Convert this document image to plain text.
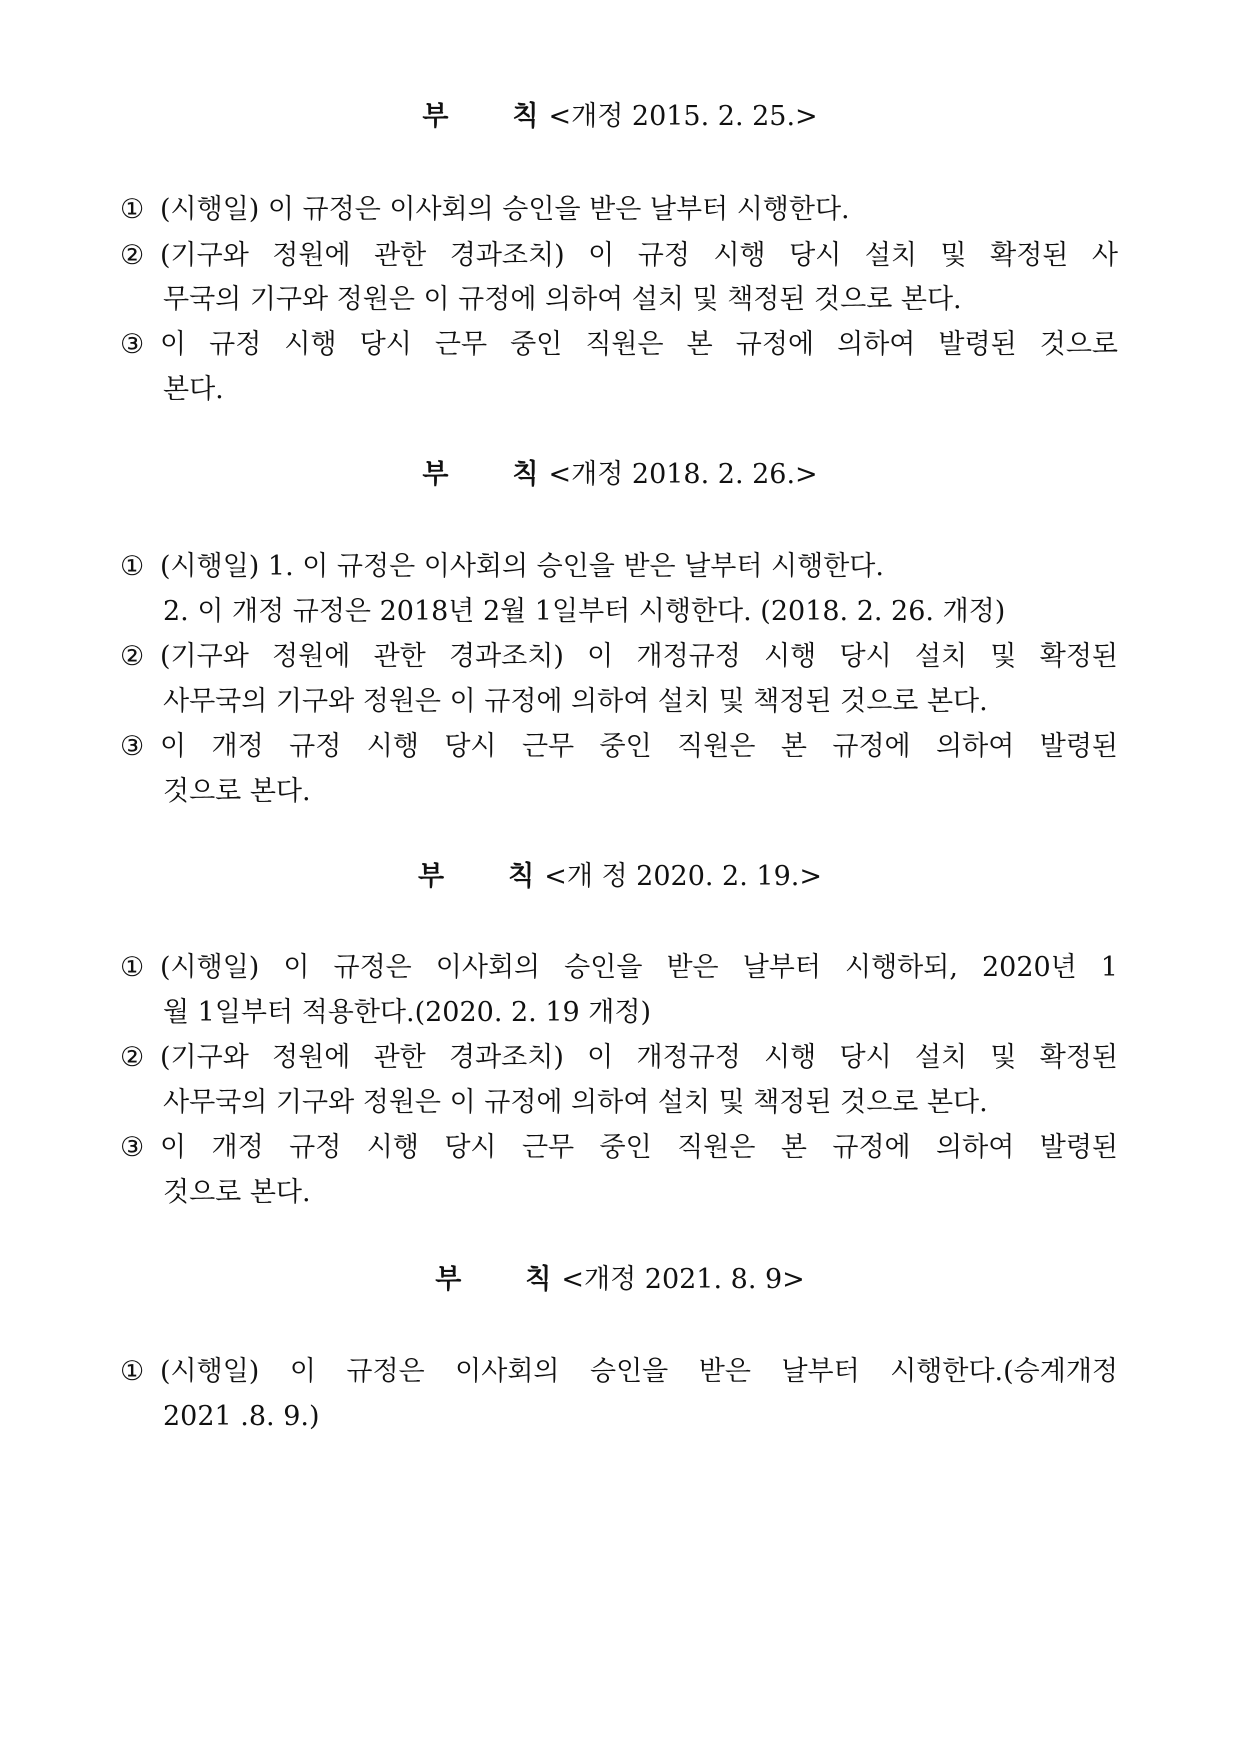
부 칙 <개정 2015. 2. 25.>
① (시행일) 이 규정은 이사회의 승인을 받은 날부터 시행한다.
② (기구와 정원에 관한 경과조치) 이 규정 시행 당시 설치 및 확정된 사
무국의 기구와 정원은 이 규정에 의하여 설치 및 책정된 것으로 본다.
③ 이 규정 시행 당시 근무 중인 직원은 본 규정에 의하여 발령된 것으로
본다.
부 칙 <개정 2018. 2. 26.>
① (시행일) 1. 이 규정은 이사회의 승인을 받은 날부터 시행한다.
2. 이 개정 규정은 2018년 2월 1일부터 시행한다. (2018. 2. 26. 개정)
② (기구와 정원에 관한 경과조치) 이 개정규정 시행 당시 설치 및 확정된
사무국의 기구와 정원은 이 규정에 의하여 설치 및 책정된 것으로 본다.
③ 이 개정 규정 시행 당시 근무 중인 직원은 본 규정에 의하여 발령된
것으로 본다.
부 칙 <개 정 2020. 2. 19.>
① (시행일) 이 규정은 이사회의 승인을 받은 날부터 시행하되, 2020년 1
월 1일부터 적용한다.(2020. 2. 19 개정)
② (기구와 정원에 관한 경과조치) 이 개정규정 시행 당시 설치 및 확정된
사무국의 기구와 정원은 이 규정에 의하여 설치 및 책정된 것으로 본다.
③ 이 개정 규정 시행 당시 근무 중인 직원은 본 규정에 의하여 발령된
것으로 본다.
부 칙 <개정 2021. 8. 9>
① (시행일) 이 규정은 이사회의 승인을 받은 날부터 시행한다.(승계개정
2021 .8. 9.)
